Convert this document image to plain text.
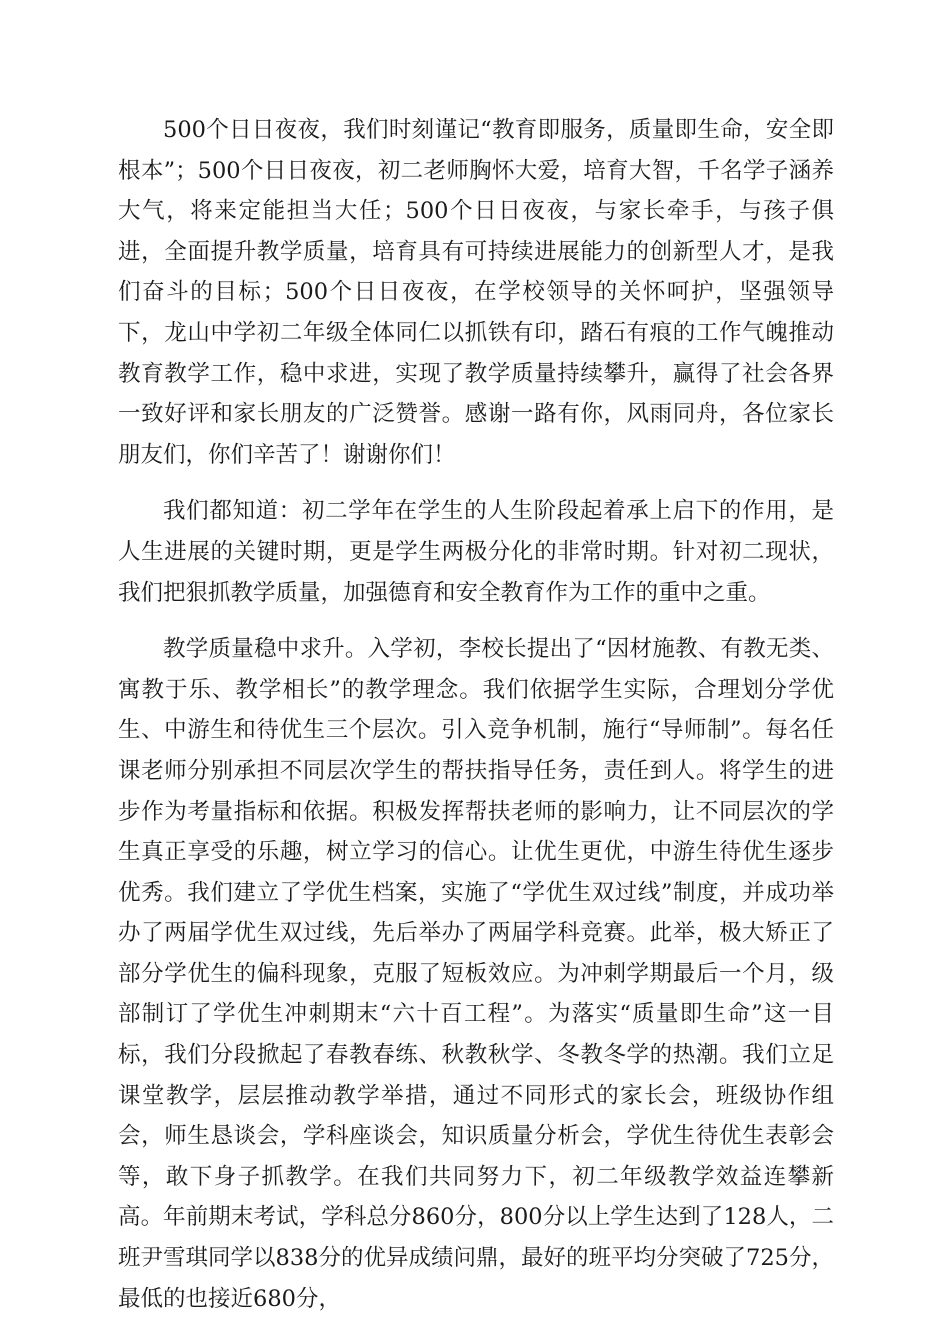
500个日日夜夜，我们时刻谨记“教育即服务，质量即生命，安全即根本”；500个日日夜夜，初二老师胸怀大爱，培育大智，千名学子涵养大气，将来定能担当大任；500个日日夜夜，与家长牵手，与孩子俱进，全面提升教学质量，培育具有可持续进展能力的创新型人才，是我们奋斗的目标；500个日日夜夜，在学校领导的关怀呵护，坚强领导下，龙山中学初二年级全体同仁以抓铁有印，踏石有痕的工作气魄推动教育教学工作，稳中求进，实现了教学质量持续攀升，赢得了社会各界一致好评和家长朋友的广泛赞誉。感谢一路有你，风雨同舟，各位家长朋友们，你们辛苦了！谢谢你们！

我们都知道：初二学年在学生的人生阶段起着承上启下的作用，是人生进展的关键时期，更是学生两极分化的非常时期。针对初二现状，我们把狠抓教学质量，加强德育和安全教育作为工作的重中之重。

教学质量稳中求升。入学初，李校长提出了“因材施教、有教无类、寓教于乐、教学相长”的教学理念。我们依据学生实际，合理划分学优生、中游生和待优生三个层次。引入竞争机制，施行“导师制”。每名任课老师分别承担不同层次学生的帮扶指导任务，责任到人。将学生的进步作为考量指标和依据。积极发挥帮扶老师的影响力，让不同层次的学生真正享受的乐趣，树立学习的信心。让优生更优，中游生待优生逐步优秀。我们建立了学优生档案，实施了“学优生双过线”制度，并成功举办了两届学优生双过线，先后举办了两届学科竞赛。此举，极大矫正了部分学优生的偏科现象，克服了短板效应。为冲刺学期最后一个月，级部制订了学优生冲刺期末“六十百工程”。为落实“质量即生命”这一目标，我们分段掀起了春教春练、秋教秋学、冬教冬学的热潮。我们立足课堂教学，层层推动教学举措，通过不同形式的家长会，班级协作组会，师生恳谈会，学科座谈会，知识质量分析会，学优生待优生表彰会等，敢下身子抓教学。在我们共同努力下，初二年级教学效益连攀新高。年前期末考试，学科总分860分，800分以上学生达到了128人，二班尹雪琪同学以838分的优异成绩问鼎，最好的班平均分突破了725分，最低的也接近680分，
